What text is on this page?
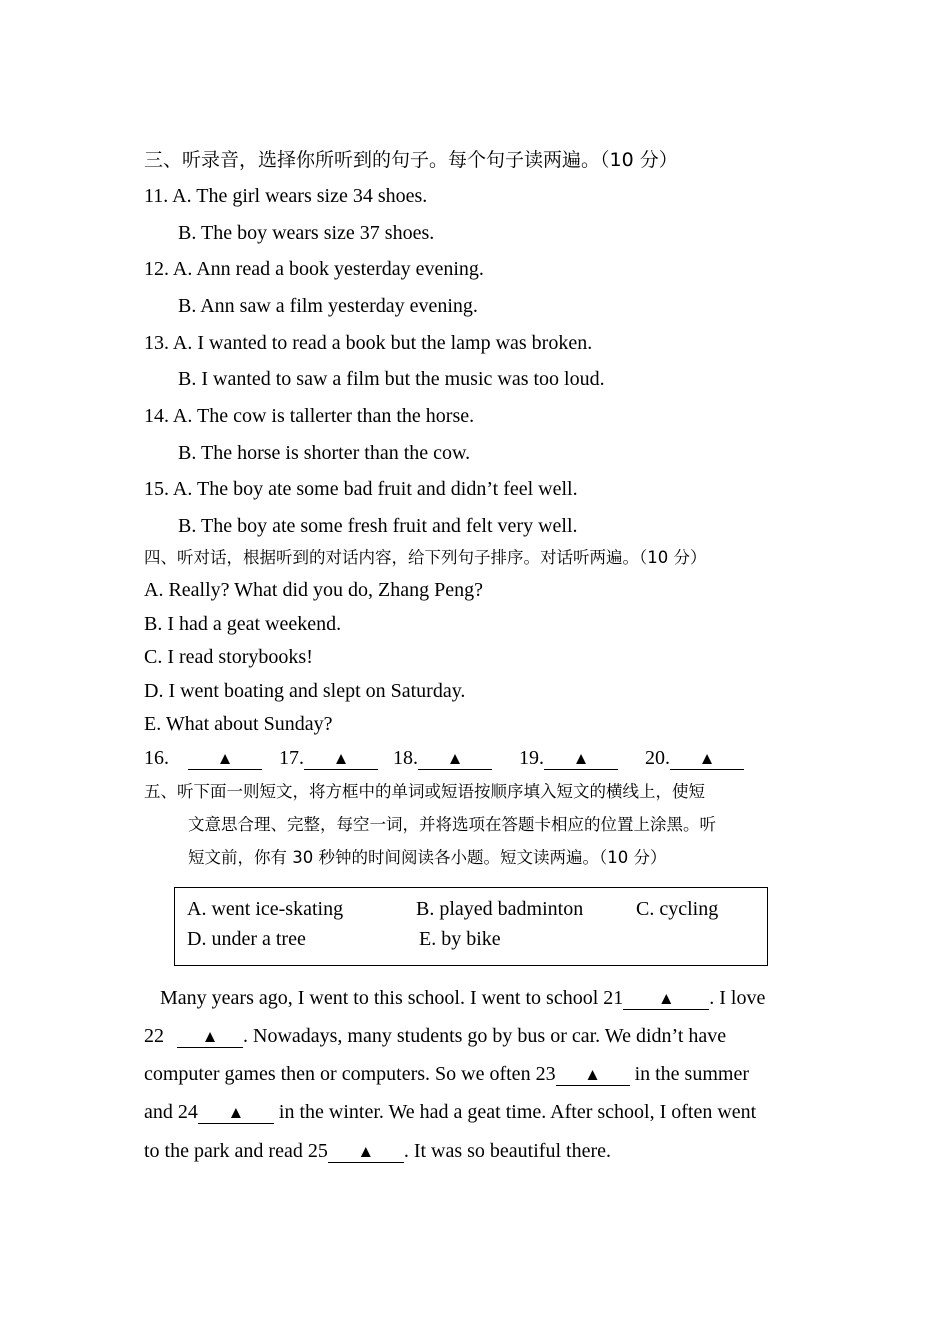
三、听录音，选择你所听到的句子。每个句子读两遍。（10 分）
11. A. The girl wears size 34 shoes.
B. The boy wears size 37 shoes.
12. A. Ann read a book yesterday evening.
B. Ann saw a film yesterday evening.
13. A. I wanted to read a book but the lamp was broken.
B. I wanted to saw a film but the music was too loud.
14. A. The cow is tallerter than the horse.
B. The horse is shorter than the cow.
15. A. The boy ate some bad fruit and didn’t feel well.
B. The boy ate some fresh fruit and felt very well.
四、听对话，根据听到的对话内容，给下列句子排序。对话听两遍。（10 分）
A. Really? What did you do, Zhang Peng?
B. I had a geat weekend.
C. I read storybooks!
D. I went boating and slept on Saturday.
E. What about Sunday?
16.	▲ 17. ▲ 18. ▲	19. ▲	20. ▲
五、听下面一则短文，将方框中的单词或短语按顺序填入短文的横线上，使短
文意思合理、完整，每空一词，并将选项在答题卡相应的位置上涂黑。听
短文前，你有 30 秒钟的时间阅读各小题。短文读两遍。（10 分）
A. went ice-skating	B. played badminton	C. cycling
D. under a tree	E. by bike
Many years ago, I went to this school. I went to school 21 ▲ . I love
22 ▲ . Nowadays, many students go by bus or car. We didn’t have
computer games then or computers. So we often 23 ▲ in the summer
and 24 ▲ in the winter. We had a geat time. After school, I often went
to the park and read 25 ▲ . It was so beautiful there.
